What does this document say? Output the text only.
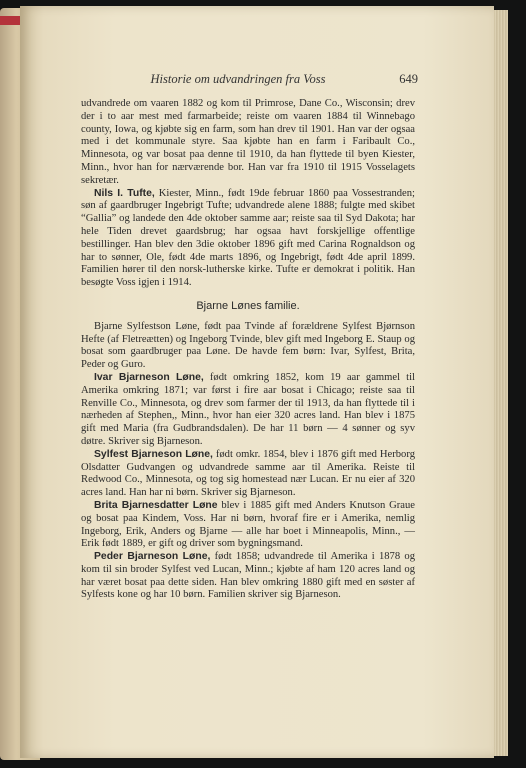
Historie om udvandringen fra Voss	649

udvandrede om vaaren 1882 og kom til Primrose, Dane Co., Wisconsin; drev der i to aar mest med farmarbeide; reiste om vaaren 1884 til Winnebago county, Iowa, og kjøbte sig en farm, som han drev til 1901. Han var der ogsaa med i det kommunale styre. Saa kjøbte han en farm i Faribault Co., Minnesota, og var bosat paa denne til 1910, da han flyttede til byen Kiester, Minn., hvor han for nærværende bor. Han var fra 1910 til 1915 Vosselagets sekretær.

Nils I. Tufte, Kiester, Minn., født 19de februar 1860 paa Vossestranden; søn af gaardbruger Ingebrigt Tufte; udvandrede alene 1888; fulgte med skibet “Gallia” og landede den 4de oktober samme aar; reiste saa til Syd Dakota; har hele Tiden drevet gaardsbrug; har ogsaa havt forskjellige offentlige bestillinger. Han blev den 3die oktober 1896 gift med Carina Rognaldson og har to sønner, Ole, født 4de marts 1896, og Ingebrigt, født 4de april 1899. Familien hører til den norsk-lutherske kirke. Tufte er demokrat i politik. Han besøgte Voss igjen i 1914.

Bjarne Lønes familie.

Bjarne Sylfestson Løne, født paa Tvinde af forældrene Sylfest Bjørnson Hefte (af Fletreætten) og Ingeborg Tvinde, blev gift med Ingeborg E. Staup og bosat som gaardbruger paa Løne. De havde fem børn: Ivar, Sylfest, Brita, Peder og Guro.

Ivar Bjarneson Løne, født omkring 1852, kom 19 aar gammel til Amerika omkring 1871; var først i fire aar bosat i Chicago; reiste saa til Renville Co., Minnesota, og drev som farmer der til 1913, da han flyttede til i nærheden af Stephen,, Minn., hvor han eier 320 acres land. Han blev i 1875 gift med Maria (fra Gudbrandsdalen). De har 11 børn — 4 sønner og syv døtre. Skriver sig Bjarneson.

Sylfest Bjarneson Løne, født omkr. 1854, blev i 1876 gift med Herborg Olsdatter Gudvangen og udvandrede samme aar til Amerika. Reiste til Redwood Co., Minnesota, og tog sig homestead nær Lucan. Er nu eier af 320 acres land. Han har ni børn. Skriver sig Bjarneson.

Brita Bjarnesdatter Løne blev i 1885 gift med Anders Knutson Graue og bosat paa Kindem, Voss. Har ni børn, hvoraf fire er i Amerika, nemlig Ingeborg, Erik, Anders og Bjarne — alle har boet i Minneapolis, Minn., — Erik født 1889, er gift og driver som bygningsmand.

Peder Bjarneson Løne, født 1858; udvandrede til Amerika i 1878 og kom til sin broder Sylfest ved Lucan, Minn.; kjøbte af ham 120 acres land og har været bosat paa dette siden. Han blev omkring 1880 gift med en søster af Sylfests kone og har 10 børn. Familien skriver sig Bjarneson.
